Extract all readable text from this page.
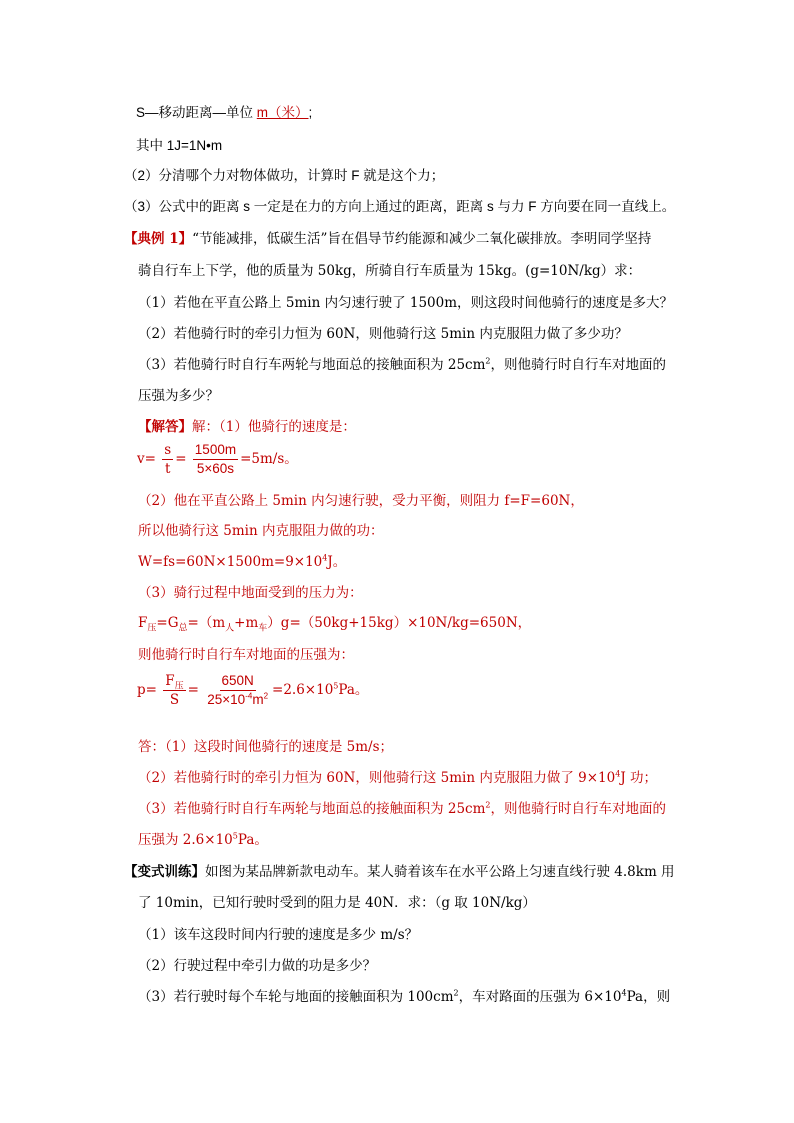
S—移动距离—单位 m（米）;
其中 1J=1N•m
（2）分清哪个力对物体做功，计算时 F 就是这个力；
（3）公式中的距离 s 一定是在力的方向上通过的距离，距离 s 与力 F 方向要在同一直线上。
【典例 1】“节能减排，低碳生活”旨在倡导节约能源和减少二氧化碳排放。李明同学坚持
骑自行车上下学，他的质量为 50kg，所骑自行车质量为 15kg。(g=10N/kg）求：
（1）若他在平直公路上 5min 内匀速行驶了 1500m，则这段时间他骑行的速度是多大？
（2）若他骑行时的牵引力恒为 60N，则他骑行这 5min 内克服阻力做了多少功？
（3）若他骑行时自行车两轮与地面总的接触面积为 $25cm^2$，则他骑行时自行车对地面的
压强为多少？
【解答】解：（1）他骑行的速度是：
$v= \frac{s}{t} = \frac{1500m}{5\times 60s} =5m/s$。
（2）他在平直公路上 5min 内匀速行驶，受力平衡，则阻力 f=F=60N，
所以他骑行这 5min 内克服阻力做的功：
$W=fs=60N\times 1500m=9\times 10^4J$。
（3）骑行过程中地面受到的压力为：
$F_压=G_总=(m_人+m_车)g=(50kg+15kg)\times 10N/kg=650N$，
则他骑行时自行车对地面的压强为：
$p= \frac{F_压}{S} = \frac{650N}{25\times 10^{-4}m^2} =2.6\times 10^5Pa$。
答：（1）这段时间他骑行的速度是 5m/s；
（2）若他骑行时的牵引力恒为 60N，则他骑行这 5min 内克服阻力做了 $9\times 10^4J$ 功；
（3）若他骑行时自行车两轮与地面总的接触面积为 $25cm^2$，则他骑行时自行车对地面的
压强为 $2.6\times 10^5Pa$。
【变式训练】如图为某品牌新款电动车。某人骑着该车在水平公路上匀速直线行驶 4.8km 用
了 10min，已知行驶时受到的阻力是 40N．求：（g 取 10N/kg）
（1）该车这段时间内行驶的速度是多少 m/s？
（2）行驶过程中牵引力做的功是多少？
（3）若行驶时每个车轮与地面的接触面积为 $100cm^2$，车对路面的压强为 $6\times 10^4Pa$，则
